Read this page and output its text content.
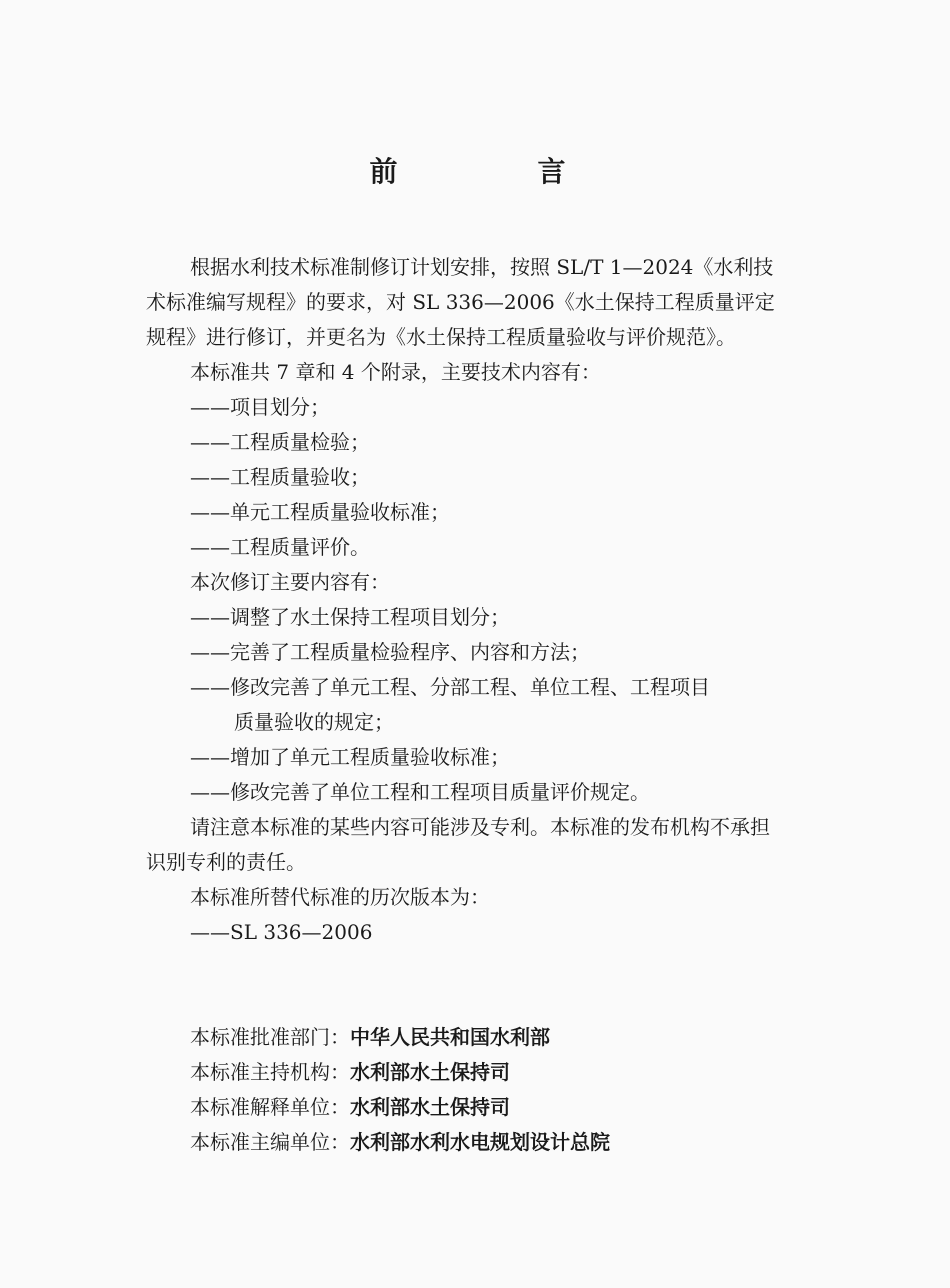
前　言

根据水利技术标准制修订计划安排，按照 SL/T 1—2024《水利技术标准编写规程》的要求，对 SL 336—2006《水土保持工程质量评定规程》进行修订，并更名为《水土保持工程质量验收与评价规范》。

本标准共 7 章和 4 个附录，主要技术内容有：

——项目划分；

——工程质量检验；

——工程质量验收；

——单元工程质量验收标准；

——工程质量评价。

本次修订主要内容有：

——调整了水土保持工程项目划分；

——完善了工程质量检验程序、内容和方法；

——修改完善了单元工程、分部工程、单位工程、工程项目

质量验收的规定；

——增加了单元工程质量验收标准；

——修改完善了单位工程和工程项目质量评价规定。

请注意本标准的某些内容可能涉及专利。本标准的发布机构不承担识别专利的责任。

本标准所替代标准的历次版本为：

——SL 336—2006

本标准批准部门：中华人民共和国水利部

本标准主持机构：水利部水土保持司

本标准解释单位：水利部水土保持司

本标准主编单位：水利部水利水电规划设计总院
